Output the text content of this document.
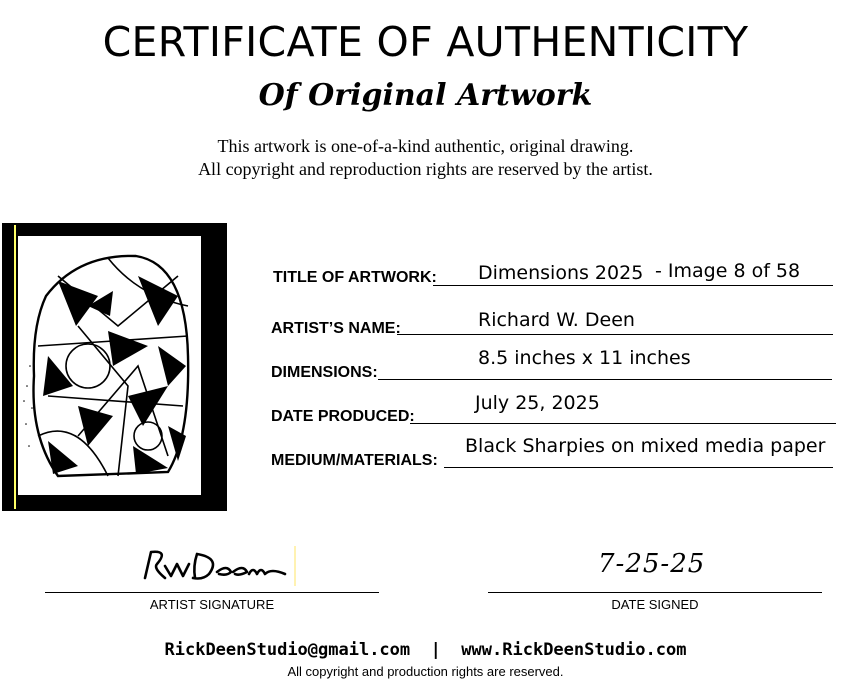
CERTIFICATE OF AUTHENTICITY
Of Original Artwork
This artwork is one-of-a-kind authentic, original drawing.
All copyright and reproduction rights are reserved by the artist.
TITLE OF ARTWORK: Dimensions 2025 - Image 8 of 58
ARTIST’S NAME:	Richard W. Deen
DIMENSIONS:
8.5 inches x 11 inches
DATE PRODUCED:
July 25, 2025
MEDIUM/MATERIALS:
Black Sharpies on mixed media paper
ARTIST SIGNATURE
7-25-25
DATE SIGNED
RickDeenStudio@gmail.com  |  www.RickDeenStudio.com
All copyright and production rights are reserved.
